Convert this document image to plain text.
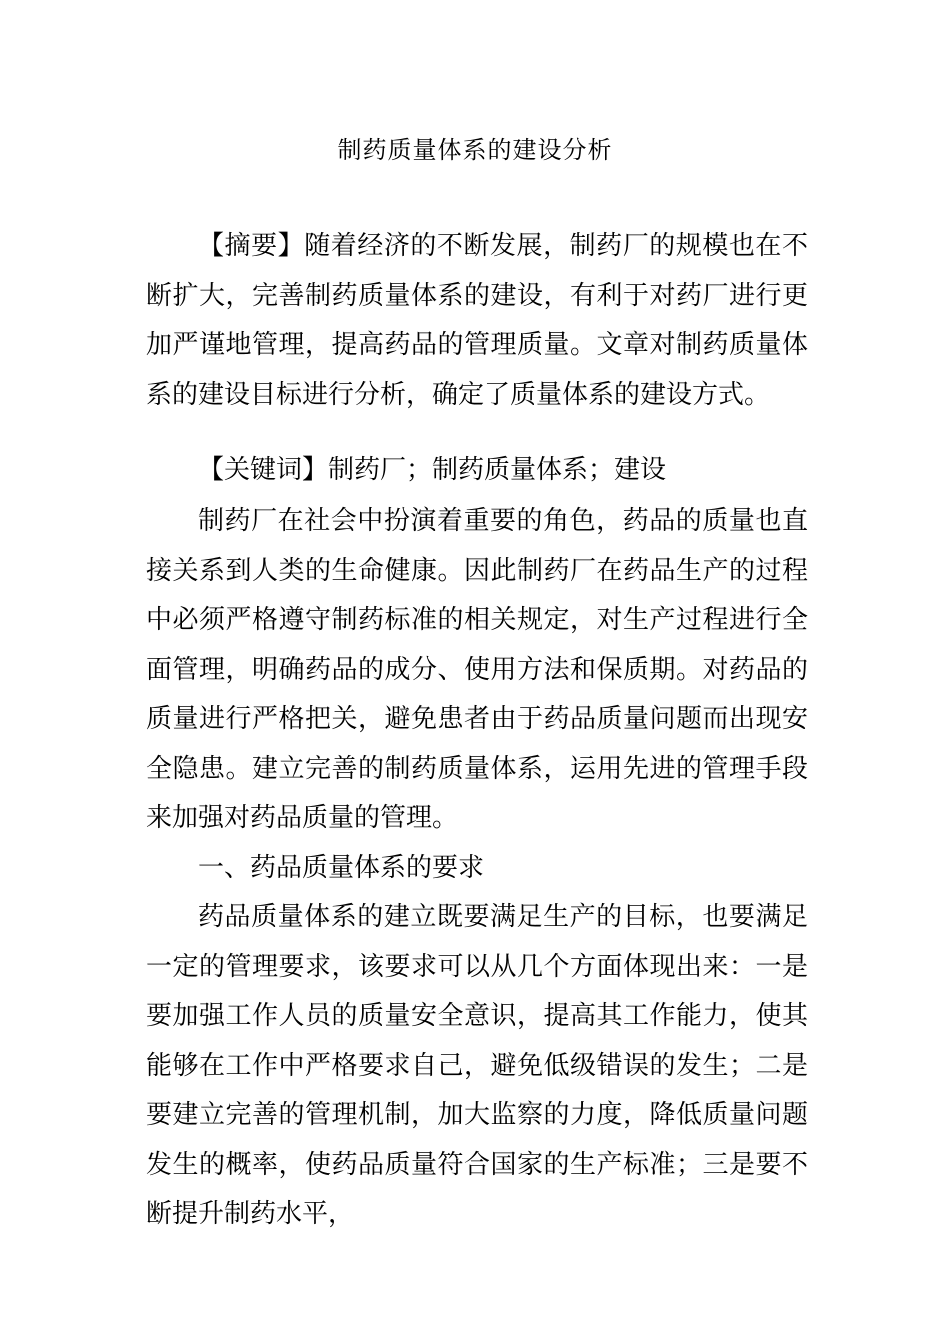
制药质量体系的建设分析

【摘要】随着经济的不断发展，制药厂的规模也在不断扩大，完善制药质量体系的建设，有利于对药厂进行更加严谨地管理，提高药品的管理质量。文章对制药质量体系的建设目标进行分析，确定了质量体系的建设方式。

【关键词】制药厂；制药质量体系；建设

制药厂在社会中扮演着重要的角色，药品的质量也直接关系到人类的生命健康。因此制药厂在药品生产的过程中必须严格遵守制药标准的相关规定，对生产过程进行全面管理，明确药品的成分、使用方法和保质期。对药品的质量进行严格把关，避免患者由于药品质量问题而出现安全隐患。建立完善的制药质量体系，运用先进的管理手段来加强对药品质量的管理。

一、药品质量体系的要求

药品质量体系的建立既要满足生产的目标，也要满足一定的管理要求，该要求可以从几个方面体现出来：一是要加强工作人员的质量安全意识，提高其工作能力，使其能够在工作中严格要求自己，避免低级错误的发生；二是要建立完善的管理机制，加大监察的力度，降低质量问题发生的概率，使药品质量符合国家的生产标准；三是要不断提升制药水平，
